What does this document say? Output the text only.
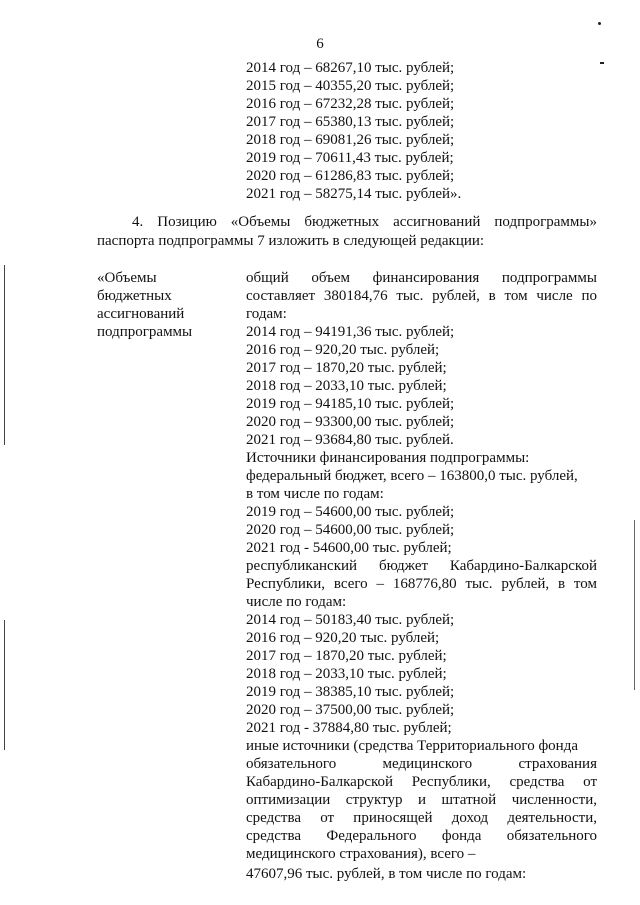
6
2014 год – 68267,10 тыс. рублей;
2015 год – 40355,20 тыс. рублей;
2016 год – 67232,28 тыс. рублей;
2017 год – 65380,13 тыс. рублей;
2018 год – 69081,26 тыс. рублей;
2019 год – 70611,43 тыс. рублей;
2020 год – 61286,83 тыс. рублей;
2021 год – 58275,14 тыс. рублей».
4. Позицию «Объемы бюджетных ассигнований подпрограммы»
паспорта подпрограммы 7 изложить в следующей редакции:
«Объемы
бюджетных
ассигнований
подпрограммы
общий объем финансирования подпрограммы
составляет 380184,76 тыс. рублей, в том числе по
годам:
2014 год – 94191,36 тыс. рублей;
2016 год – 920,20 тыс. рублей;
2017 год – 1870,20 тыс. рублей;
2018 год – 2033,10 тыс. рублей;
2019 год – 94185,10 тыс. рублей;
2020 год – 93300,00 тыс. рублей;
2021 год – 93684,80 тыс. рублей.
Источники финансирования подпрограммы:
федеральный бюджет, всего – 163800,0 тыс. рублей,
в том числе по годам:
2019 год – 54600,00 тыс. рублей;
2020 год – 54600,00 тыс. рублей;
2021 год - 54600,00 тыс. рублей;
республиканский бюджет Кабардино-Балкарской
Республики, всего – 168776,80 тыс. рублей, в том
числе по годам:
2014 год – 50183,40 тыс. рублей;
2016 год – 920,20 тыс. рублей;
2017 год – 1870,20 тыс. рублей;
2018 год – 2033,10 тыс. рублей;
2019 год – 38385,10 тыс. рублей;
2020 год – 37500,00 тыс. рублей;
2021 год - 37884,80 тыс. рублей;
иные источники (средства Территориального фонда
обязательного медицинского страхования
Кабардино-Балкарской Республики, средства от
оптимизации структур и штатной численности,
средства от приносящей доход деятельности,
средства Федерального фонда обязательного
медицинского страхования), всего –
47607,96 тыс. рублей, в том числе по годам:
